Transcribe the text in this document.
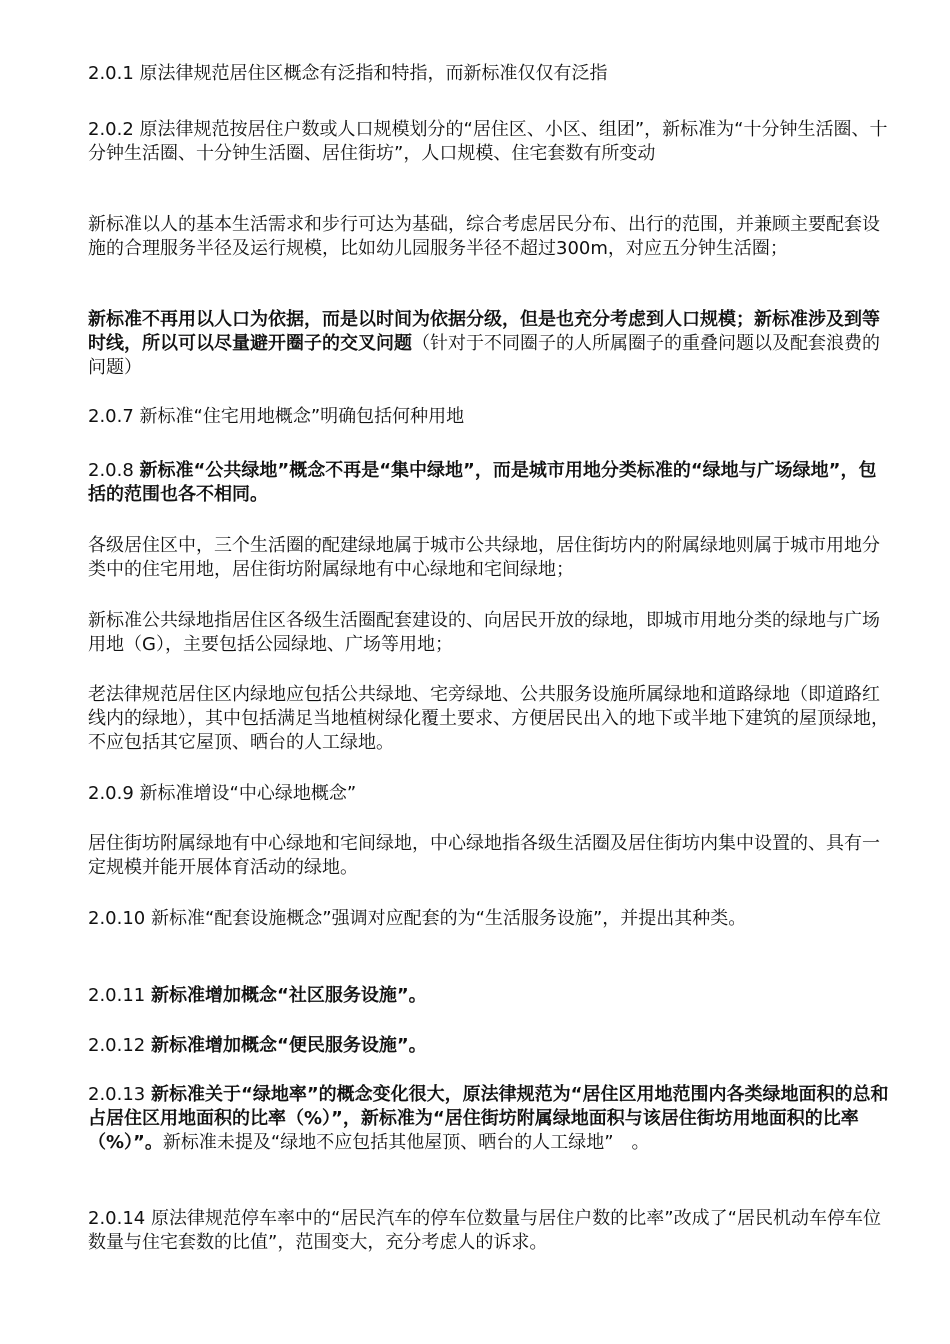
2.0.1 原法律规范居住区概念有泛指和特指，而新标准仅仅有泛指

2.0.2 原法律规范按居住户数或人口规模划分的“居住区、小区、组团”，新标准为“十分钟生活圈、十分钟生活圈、十分钟生活圈、居住街坊”，人口规模、住宅套数有所变动

新标准以人的基本生活需求和步行可达为基础，综合考虑居民分布、出行的范围，并兼顾主要配套设施的合理服务半径及运行规模，比如幼儿园服务半径不超过300m，对应五分钟生活圈；

新标准不再用以人口为依据，而是以时间为依据分级，但是也充分考虑到人口规模；新标准涉及到等时线，所以可以尽量避开圈子的交叉问题（针对于不同圈子的人所属圈子的重叠问题以及配套浪费的问题）

2.0.7 新标准“住宅用地概念”明确包括何种用地

2.0.8 新标准“公共绿地”概念不再是“集中绿地”，而是城市用地分类标准的“绿地与广场绿地”，包括的范围也各不相同。

各级居住区中，三个生活圈的配建绿地属于城市公共绿地，居住街坊内的附属绿地则属于城市用地分类中的住宅用地，居住街坊附属绿地有中心绿地和宅间绿地；

新标准公共绿地指居住区各级生活圈配套建设的、向居民开放的绿地，即城市用地分类的绿地与广场用地（G），主要包括公园绿地、广场等用地；

老法律规范居住区内绿地应包括公共绿地、宅旁绿地、公共服务设施所属绿地和道路绿地（即道路红线内的绿地），其中包括满足当地植树绿化覆土要求、方便居民出入的地下或半地下建筑的屋顶绿地，不应包括其它屋顶、晒台的人工绿地。

2.0.9 新标准增设“中心绿地概念”

居住街坊附属绿地有中心绿地和宅间绿地，中心绿地指各级生活圈及居住街坊内集中设置的、具有一定规模并能开展体育活动的绿地。

2.0.10 新标准“配套设施概念”强调对应配套的为“生活服务设施”，并提出其种类。

2.0.11 新标准增加概念“社区服务设施”。

2.0.12 新标准增加概念“便民服务设施”。

2.0.13 新标准关于“绿地率”的概念变化很大，原法律规范为“居住区用地范围内各类绿地面积的总和占居住区用地面积的比率（%）”，新标准为“居住街坊附属绿地面积与该居住街坊用地面积的比率（%）”。新标准未提及“绿地不应包括其他屋顶、晒台的人工绿地”　。

2.0.14 原法律规范停车率中的“居民汽车的停车位数量与居住户数的比率”改成了“居民机动车停车位数量与住宅套数的比值”，范围变大，充分考虑人的诉求。
